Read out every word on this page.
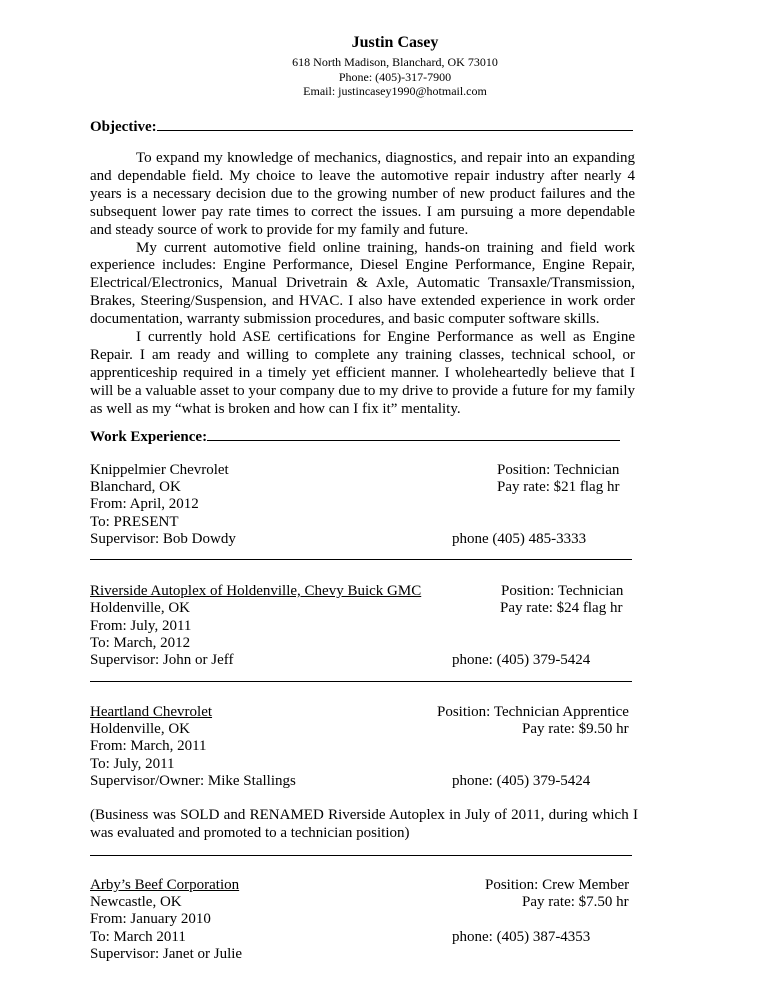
Justin Casey
618 North Madison, Blanchard, OK 73010
Phone: (405)-317-7900
Email: justincasey1990@hotmail.com
Objective:

To expand my knowledge of mechanics, diagnostics, and repair into an expanding and dependable field. My choice to leave the automotive repair industry after nearly 4 years is a necessary decision due to the growing number of new product failures and the subsequent lower pay rate times to correct the issues. I am pursuing a more dependable and steady source of work to provide for my family and future.

My current automotive field online training, hands-on training and field work experience includes: Engine Performance, Diesel Engine Performance, Engine Repair, Electrical/Electronics, Manual Drivetrain & Axle, Automatic Transaxle/Transmission, Brakes, Steering/Suspension, and HVAC. I also have extended experience in work order documentation, warranty submission procedures, and basic computer software skills.

I currently hold ASE certifications for Engine Performance as well as Engine Repair. I am ready and willing to complete any training classes, technical school, or apprenticeship required in a timely yet efficient manner. I wholeheartedly believe that I will be a valuable asset to your company due to my drive to provide a future for my family as well as my “what is broken and how can I fix it” mentality.

Work Experience:
Knippelmier Chevrolet	Position: Technician
Blanchard, OK	Pay rate: $21 flag hr
From: April, 2012
To: PRESENT
Supervisor: Bob Dowdy	phone (405) 485-3333
Riverside Autoplex of Holdenville, Chevy Buick GMC	Position: Technician
Holdenville, OK	Pay rate: $24 flag hr
From: July, 2011
To: March, 2012
Supervisor: John or Jeff	phone: (405) 379-5424
Heartland Chevrolet	Position: Technician Apprentice
Holdenville, OK	Pay rate: $9.50 hr
From: March, 2011
To: July, 2011
Supervisor/Owner: Mike Stallings	phone: (405) 379-5424

(Business was SOLD and RENAMED Riverside Autoplex in July of 2011, during which I was evaluated and promoted to a technician position)

Arby’s Beef Corporation	Position: Crew Member
Newcastle, OK	Pay rate: $7.50 hr
From: January 2010
To: March 2011	phone: (405) 387-4353
Supervisor: Janet or Julie
